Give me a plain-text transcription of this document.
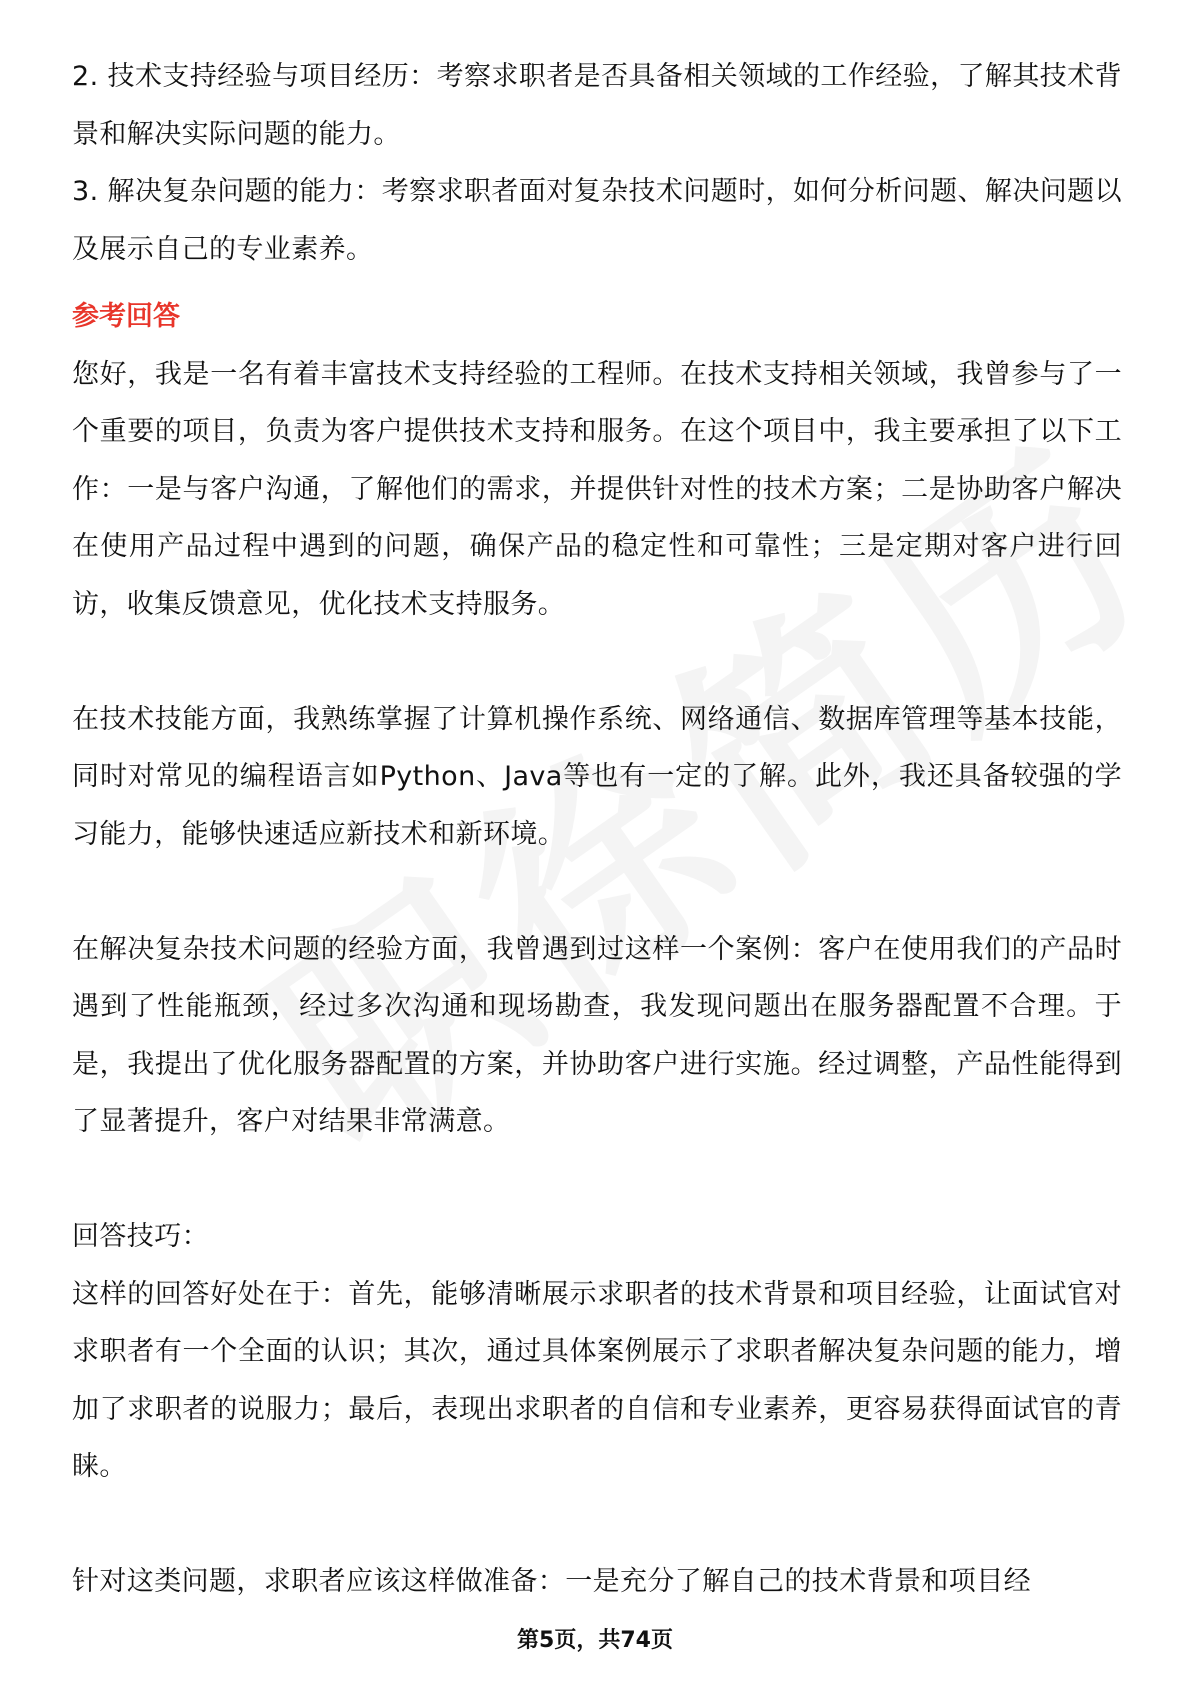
2. 技术支持经验与项目经历：考察求职者是否具备相关领域的工作经验，了解其技术背景和解决实际问题的能力。

3. 解决复杂问题的能力：考察求职者面对复杂技术问题时，如何分析问题、解决问题以及展示自己的专业素养。

参考回答

您好，我是一名有着丰富技术支持经验的工程师。在技术支持相关领域，我曾参与了一个重要的项目，负责为客户提供技术支持和服务。在这个项目中，我主要承担了以下工作：一是与客户沟通，了解他们的需求，并提供针对性的技术方案；二是协助客户解决在使用产品过程中遇到的问题，确保产品的稳定性和可靠性；三是定期对客户进行回访，收集反馈意见，优化技术支持服务。

在技术技能方面，我熟练掌握了计算机操作系统、网络通信、数据库管理等基本技能，同时对常见的编程语言如Python、Java等也有一定的了解。此外，我还具备较强的学习能力，能够快速适应新技术和新环境。

在解决复杂技术问题的经验方面，我曾遇到过这样一个案例：客户在使用我们的产品时遇到了性能瓶颈，经过多次沟通和现场勘查，我发现问题出在服务器配置不合理。于是，我提出了优化服务器配置的方案，并协助客户进行实施。经过调整，产品性能得到了显著提升，客户对结果非常满意。

回答技巧：

这样的回答好处在于：首先，能够清晰展示求职者的技术背景和项目经验，让面试官对求职者有一个全面的认识；其次，通过具体案例展示了求职者解决复杂问题的能力，增加了求职者的说服力；最后，表现出求职者的自信和专业素养，更容易获得面试官的青睐。

针对这类问题，求职者应该这样做准备：一是充分了解自己的技术背景和项目经

第5页，共74页
